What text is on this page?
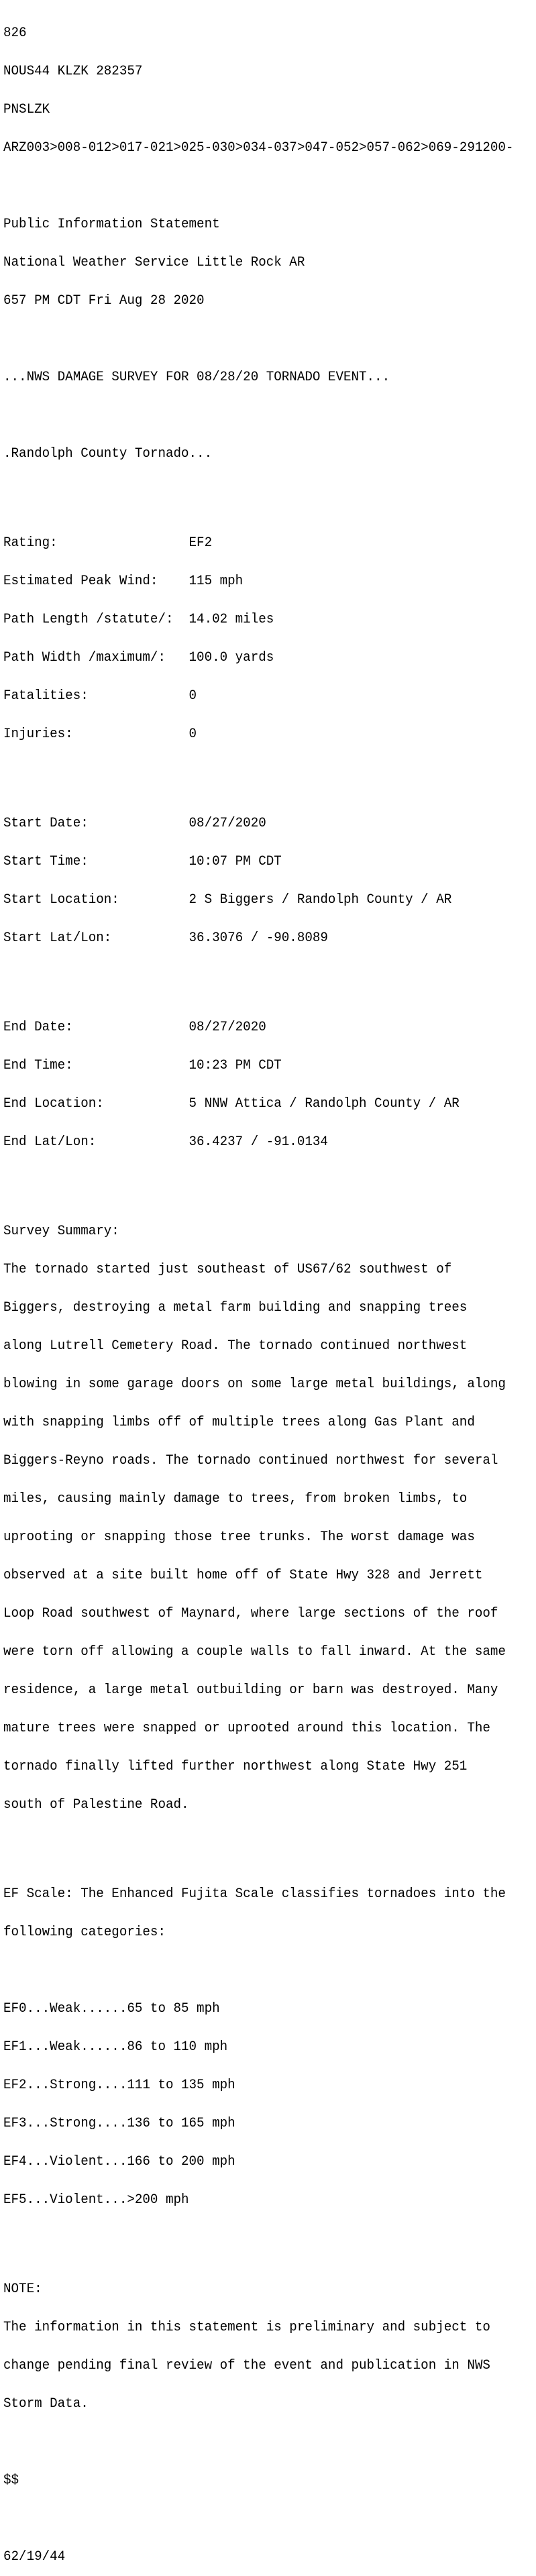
826

NOUS44 KLZK 282357

PNSLZK

ARZ003>008-012>017-021>025-030>034-037>047-052>057-062>069-291200-

Public Information Statement

National Weather Service Little Rock AR

657 PM CDT Fri Aug 28 2020

...NWS DAMAGE SURVEY FOR 08/28/20 TORNADO EVENT...

.Randolph County Tornado...

Rating:                 EF2

Estimated Peak Wind:    115 mph

Path Length /statute/:  14.02 miles

Path Width /maximum/:   100.0 yards

Fatalities:             0

Injuries:               0

Start Date:             08/27/2020

Start Time:             10:07 PM CDT

Start Location:         2 S Biggers / Randolph County / AR

Start Lat/Lon:          36.3076 / -90.8089

End Date:               08/27/2020

End Time:               10:23 PM CDT

End Location:           5 NNW Attica / Randolph County / AR

End Lat/Lon:            36.4237 / -91.0134

Survey Summary:

The tornado started just southeast of US67/62 southwest of

Biggers, destroying a metal farm building and snapping trees

along Lutrell Cemetery Road. The tornado continued northwest

blowing in some garage doors on some large metal buildings, along

with snapping limbs off of multiple trees along Gas Plant and

Biggers-Reyno roads. The tornado continued northwest for several

miles, causing mainly damage to trees, from broken limbs, to

uprooting or snapping those tree trunks. The worst damage was

observed at a site built home off of State Hwy 328 and Jerrett

Loop Road southwest of Maynard, where large sections of the roof

were torn off allowing a couple walls to fall inward. At the same

residence, a large metal outbuilding or barn was destroyed. Many

mature trees were snapped or uprooted around this location. The

tornado finally lifted further northwest along State Hwy 251

south of Palestine Road.

EF Scale: The Enhanced Fujita Scale classifies tornadoes into the

following categories:

EF0...Weak......65 to 85 mph

EF1...Weak......86 to 110 mph

EF2...Strong....111 to 135 mph

EF3...Strong....136 to 165 mph

EF4...Violent...166 to 200 mph

EF5...Violent...>200 mph

NOTE:

The information in this statement is preliminary and subject to

change pending final review of the event and publication in NWS

Storm Data.

$$

62/19/44
